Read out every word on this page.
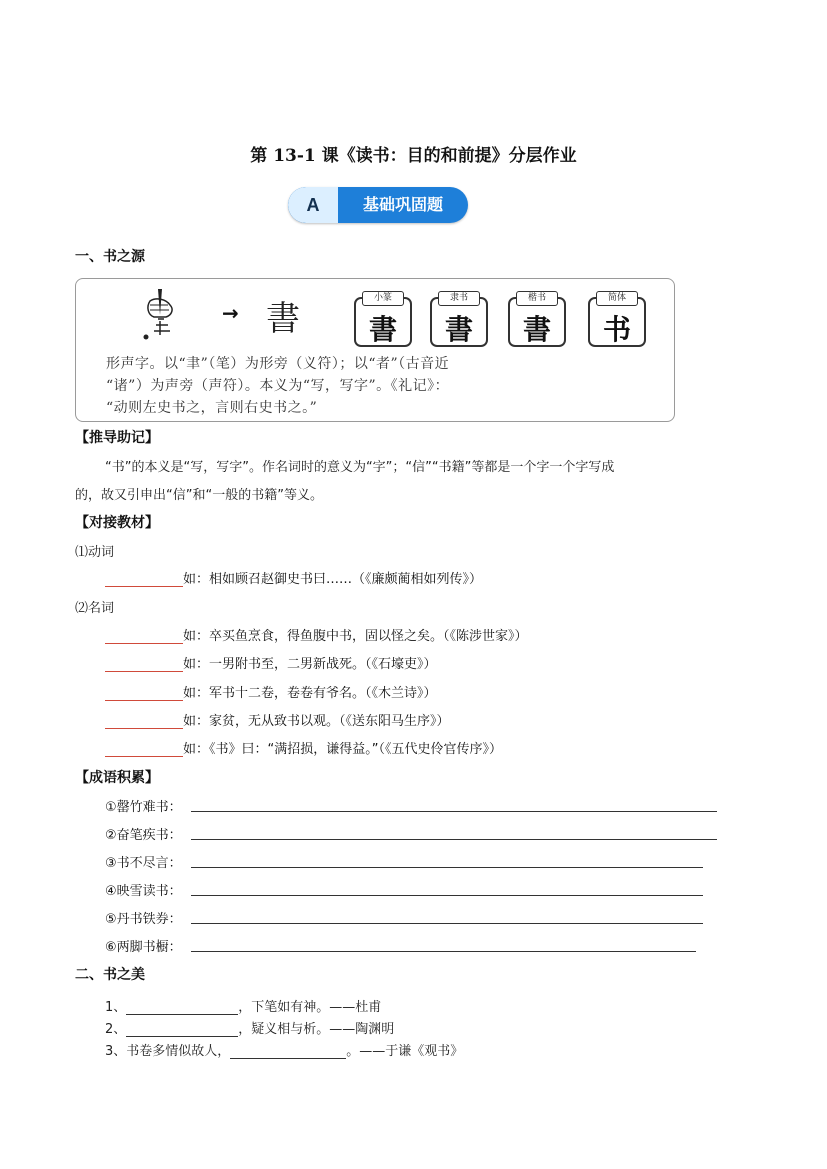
第 13-1 课《读书：目的和前提》分层作业
A	基础巩固题
一、书之源
→ 書
小篆
書
隶书
書
楷书
書
简体
书
形声字。以“聿”（笔）为形旁（义符）；以“者”（古音近
“诸”）为声旁（声符）。本义为“写，写字”。《礼记》：
“动则左史书之，言则右史书之。”
【推导助记】
“书”的本义是“写，写字”。作名词时的意义为“字”；“信”“书籍”等都是一个字一个字写成
的，故又引申出“信”和“一般的书籍”等义。
【对接教材】
⑴动词
如：相如顾召赵御史书曰……（《廉颇蔺相如列传》）
⑵名词
如：卒买鱼烹食，得鱼腹中书，固以怪之矣。（《陈涉世家》）
如：一男附书至，二男新战死。（《石壕吏》）
如：军书十二卷，卷卷有爷名。（《木兰诗》）
如：家贫，无从致书以观。（《送东阳马生序》）
如：《书》曰：“满招损，谦得益。”（《五代史伶官传序》）
【成语积累】
①罄竹难书：
②奋笔疾书：
③书不尽言：
④映雪读书：
⑤丹书铁券：
⑥两脚书橱：
二、书之美
1、	，下笔如有神。——杜甫
2、	，疑义相与析。——陶渊明
3、书卷多情似故人，	。——于谦《观书》
